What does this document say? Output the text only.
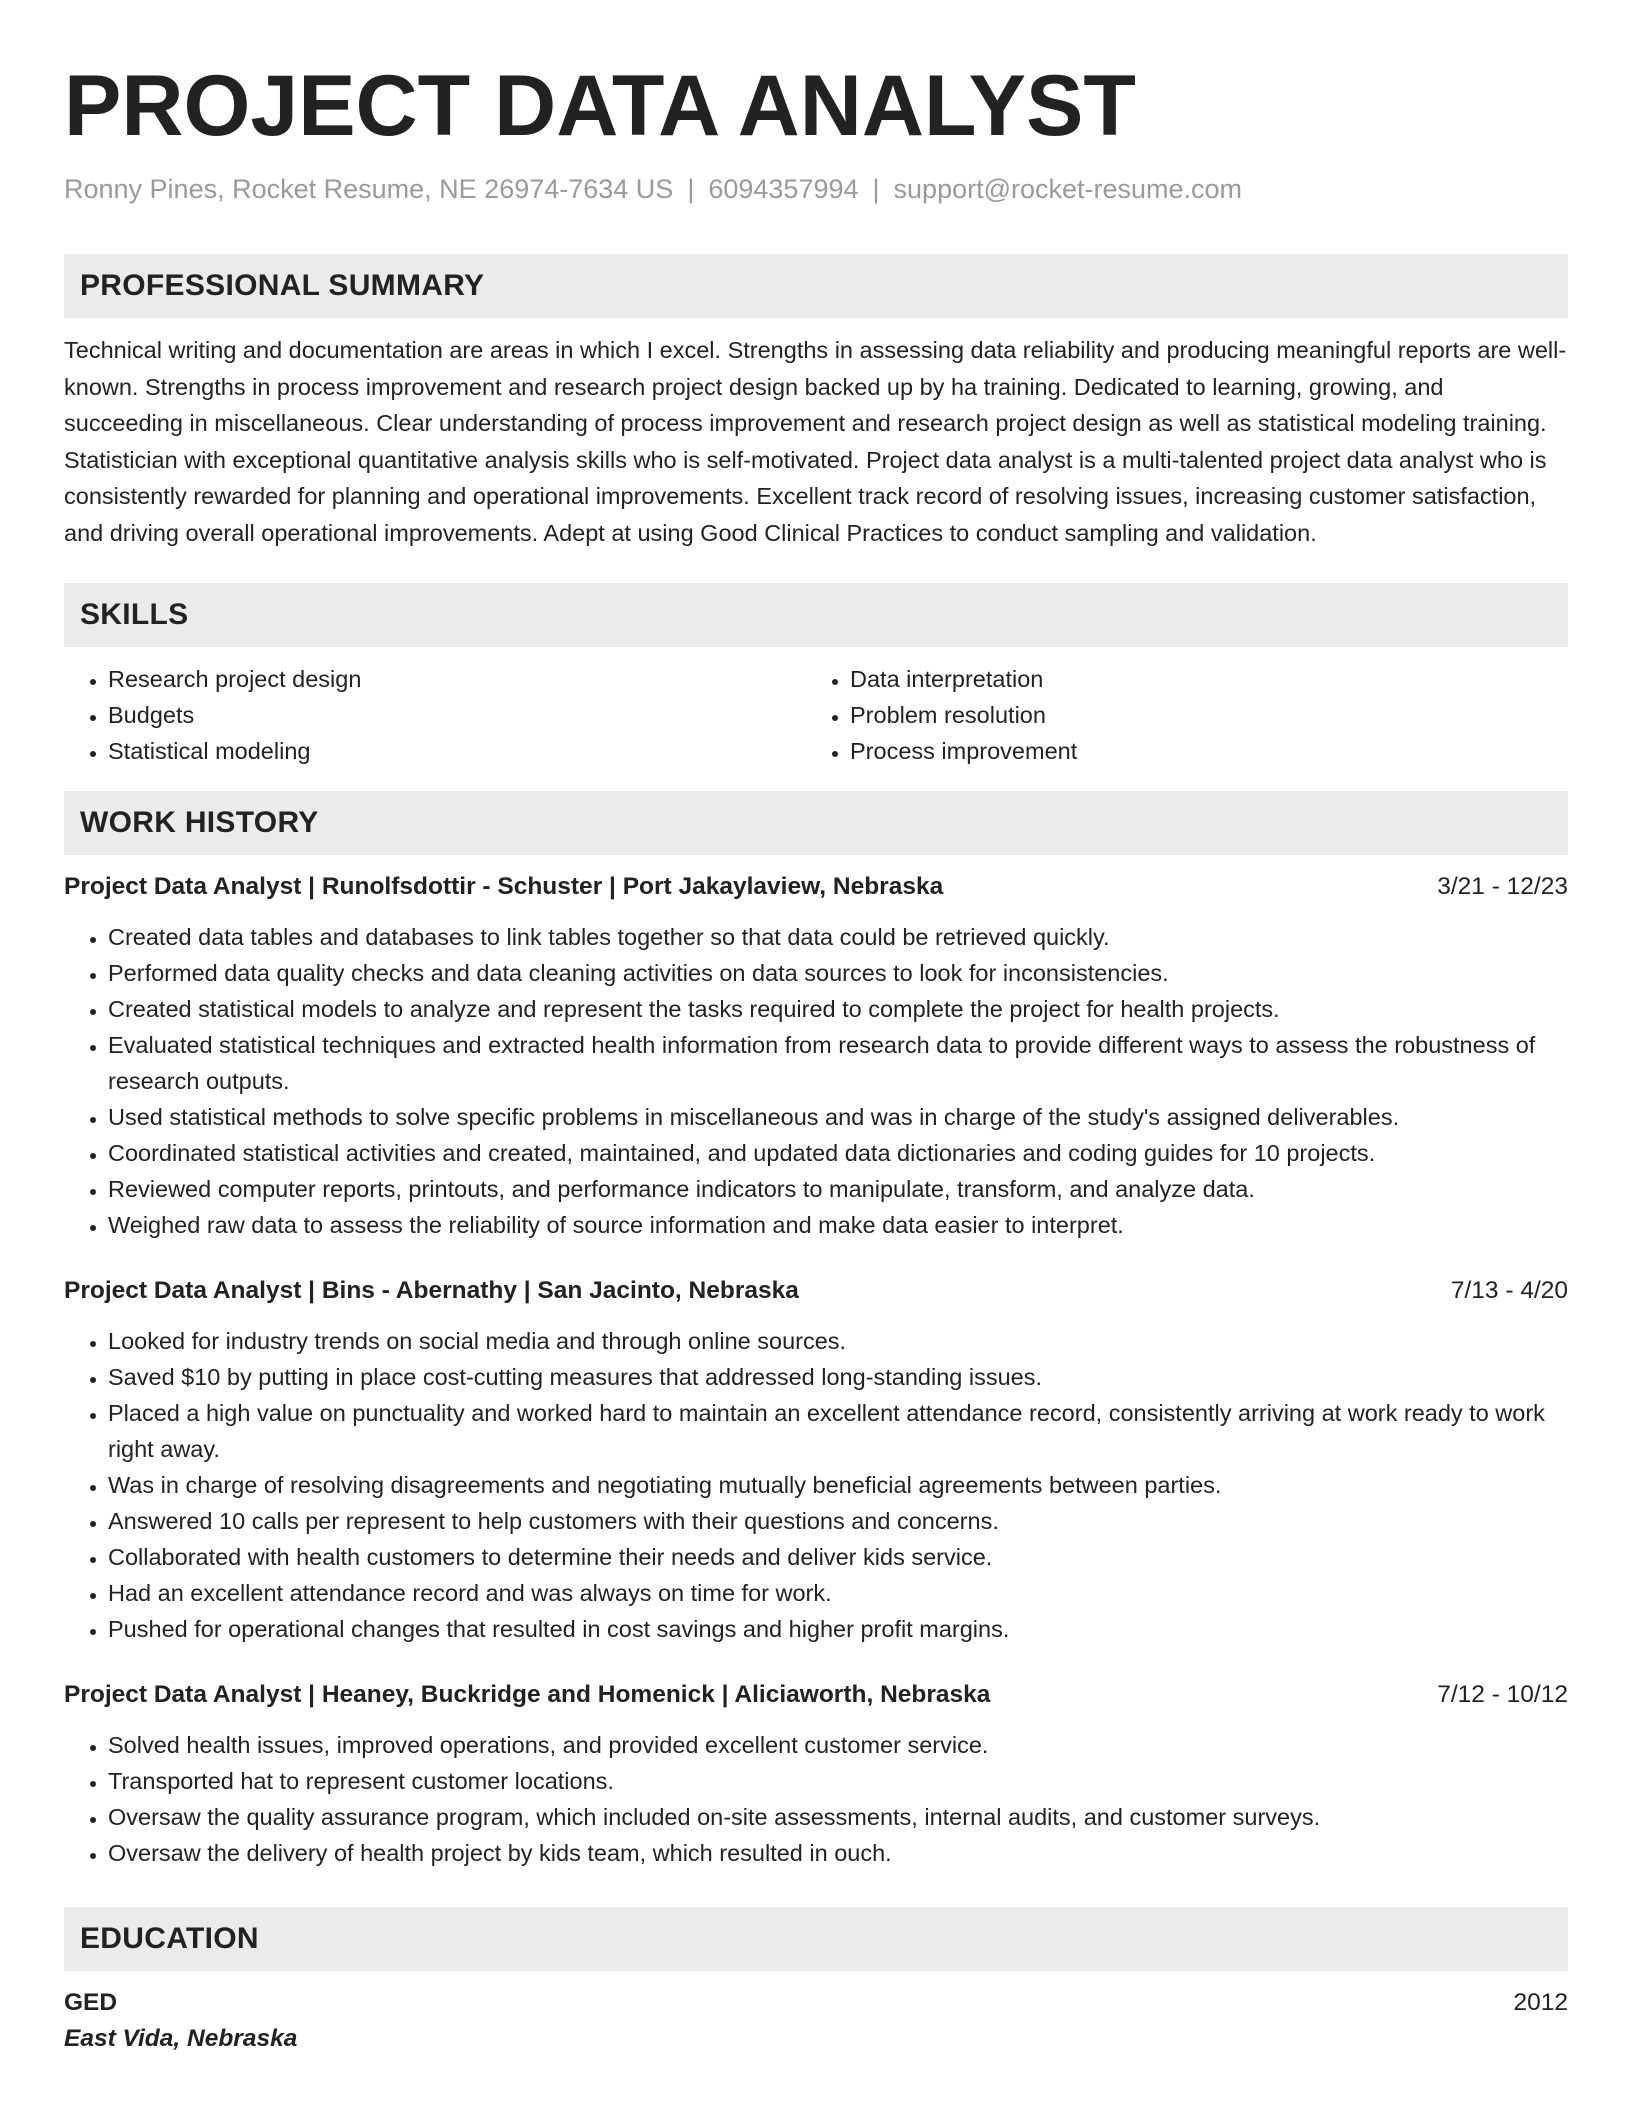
PROJECT DATA ANALYST
Ronny Pines, Rocket Resume, NE 26974-7634 US | 6094357994 | support@rocket-resume.com
PROFESSIONAL SUMMARY
Technical writing and documentation are areas in which I excel. Strengths in assessing data reliability and producing meaningful reports are well-known. Strengths in process improvement and research project design backed up by ha training. Dedicated to learning, growing, and succeeding in miscellaneous. Clear understanding of process improvement and research project design as well as statistical modeling training. Statistician with exceptional quantitative analysis skills who is self-motivated. Project data analyst is a multi-talented project data analyst who is consistently rewarded for planning and operational improvements. Excellent track record of resolving issues, increasing customer satisfaction, and driving overall operational improvements. Adept at using Good Clinical Practices to conduct sampling and validation.
SKILLS
• Research project design
• Budgets
• Statistical modeling
• Data interpretation
• Problem resolution
• Process improvement
WORK HISTORY
Project Data Analyst | Runolfsdottir - Schuster | Port Jakaylaview, Nebraska	3/21 - 12/23
• Created data tables and databases to link tables together so that data could be retrieved quickly.
• Performed data quality checks and data cleaning activities on data sources to look for inconsistencies.
• Created statistical models to analyze and represent the tasks required to complete the project for health projects.
• Evaluated statistical techniques and extracted health information from research data to provide different ways to assess the robustness of research outputs.
• Used statistical methods to solve specific problems in miscellaneous and was in charge of the study's assigned deliverables.
• Coordinated statistical activities and created, maintained, and updated data dictionaries and coding guides for 10 projects.
• Reviewed computer reports, printouts, and performance indicators to manipulate, transform, and analyze data.
• Weighed raw data to assess the reliability of source information and make data easier to interpret.
Project Data Analyst | Bins - Abernathy | San Jacinto, Nebraska	7/13 - 4/20
• Looked for industry trends on social media and through online sources.
• Saved $10 by putting in place cost-cutting measures that addressed long-standing issues.
• Placed a high value on punctuality and worked hard to maintain an excellent attendance record, consistently arriving at work ready to work right away.
• Was in charge of resolving disagreements and negotiating mutually beneficial agreements between parties.
• Answered 10 calls per represent to help customers with their questions and concerns.
• Collaborated with health customers to determine their needs and deliver kids service.
• Had an excellent attendance record and was always on time for work.
• Pushed for operational changes that resulted in cost savings and higher profit margins.
Project Data Analyst | Heaney, Buckridge and Homenick | Aliciaworth, Nebraska	7/12 - 10/12
• Solved health issues, improved operations, and provided excellent customer service.
• Transported hat to represent customer locations.
• Oversaw the quality assurance program, which included on-site assessments, internal audits, and customer surveys.
• Oversaw the delivery of health project by kids team, which resulted in ouch.
EDUCATION
GED	2012
East Vida, Nebraska
